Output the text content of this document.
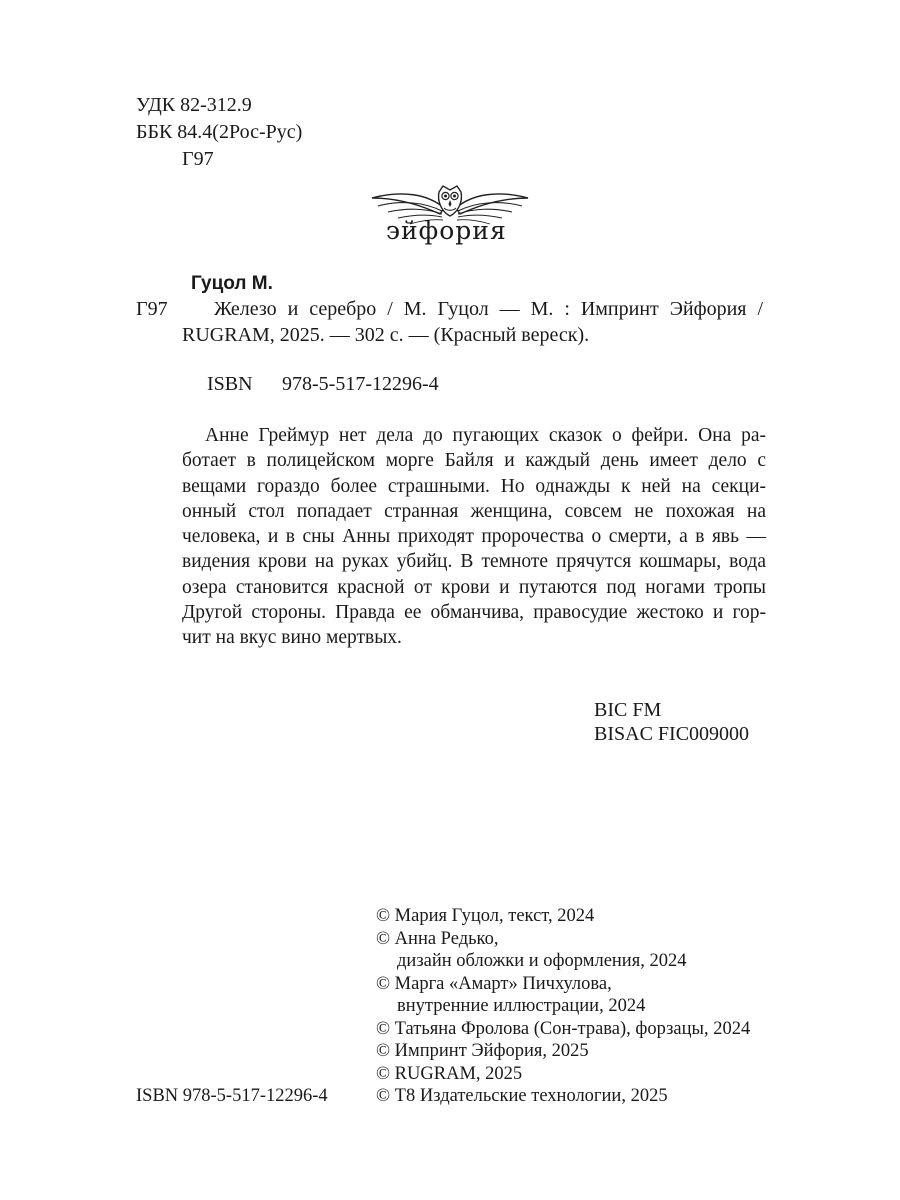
УДК 82-312.9
ББК 84.4(2Рос-Рус)
Г97
эйфория
Гуцол М.
Г97 Железо и серебро / М. Гуцол — М. : Импринт Эйфория /
RUGRAM, 2025. — 302 с. — (Красный вереск).
ISBN 978-5-517-12296-4

Анне Греймур нет дела до пугающих сказок о фейри. Она ра-

ботает в полицейском морге Байля и каждый день имеет дело с

вещами гораздо более страшными. Но однажды к ней на секци-

онный стол попадает странная женщина, совсем не похожая на

человека, и в сны Анны приходят пророчества о смерти, а в явь —

видения крови на руках убийц. В темноте прячутся кошмары, вода

озера становится красной от крови и путаются под ногами тропы

Другой стороны. Правда ее обманчива, правосудие жестоко и гор-

чит на вкус вино мертвых.

BIC FM
BISAC FIC009000
© Мария Гуцол, текст, 2024
© Анна Редько,
дизайн обложки и оформления, 2024
© Марга «Амарт» Пичхулова,
внутренние иллюстрации, 2024
© Татьяна Фролова (Сон-трава), форзацы, 2024
© Импринт Эйфория, 2025
© RUGRAM, 2025
© Т8 Издательские технологии, 2025
ISBN 978-5-517-12296-4
